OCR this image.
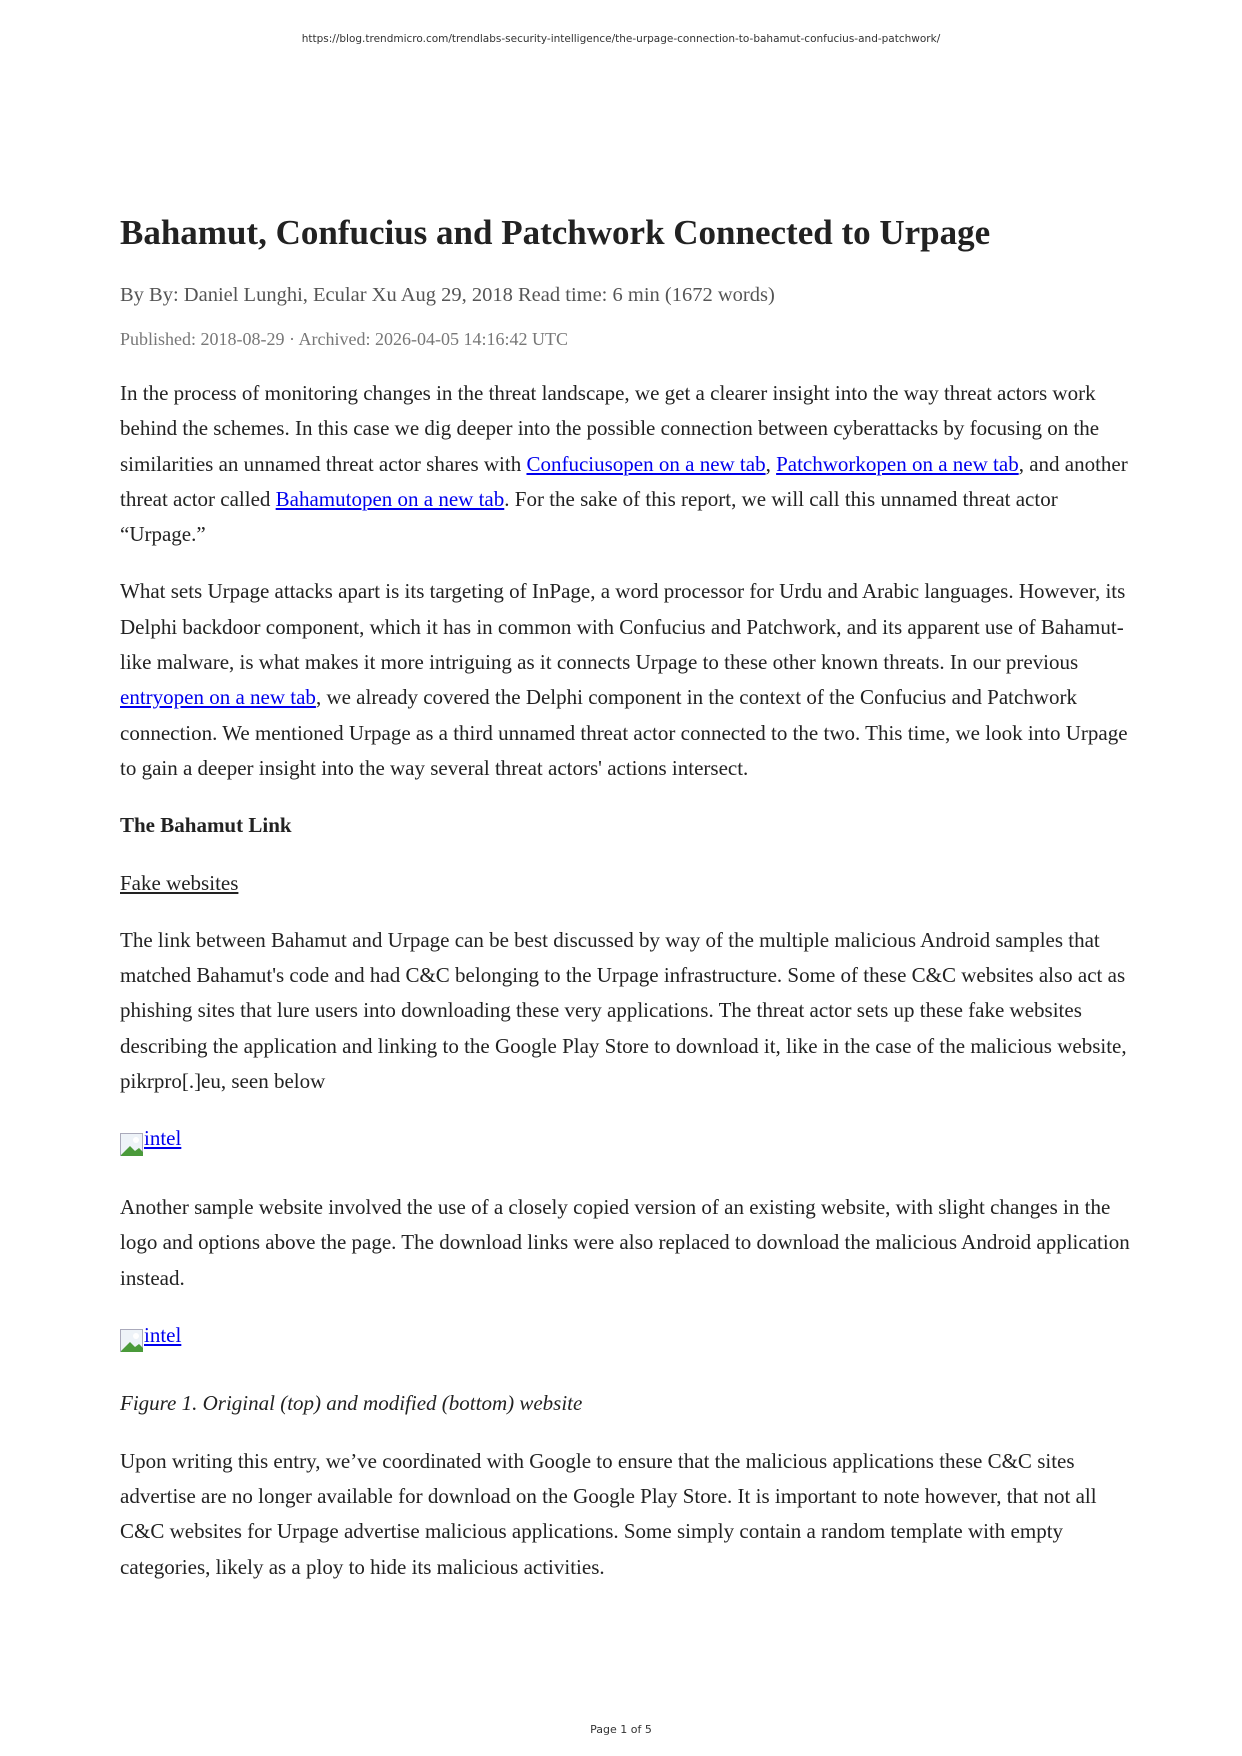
https://blog.trendmicro.com/trendlabs-security-intelligence/the-urpage-connection-to-bahamut-confucius-and-patchwork/
Bahamut, Confucius and Patchwork Connected to Urpage
By By: Daniel Lunghi, Ecular Xu Aug 29, 2018 Read time: 6 min (1672 words)
Published: 2018-08-29 · Archived: 2026-04-05 14:16:42 UTC

In the process of monitoring changes in the threat landscape, we get a clearer insight into the way threat actors work behind the schemes. In this case we dig deeper into the possible connection between cyberattacks by focusing on the similarities an unnamed threat actor shares with Confuciusopen on a new tab, Patchworkopen on a new tab, and another threat actor called Bahamutopen on a new tab. For the sake of this report, we will call this unnamed threat actor “Urpage.”

What sets Urpage attacks apart is its targeting of InPage, a word processor for Urdu and Arabic languages. However, its Delphi backdoor component, which it has in common with Confucius and Patchwork, and its apparent use of Bahamut-like malware, is what makes it more intriguing as it connects Urpage to these other known threats. In our previous entryopen on a new tab, we already covered the Delphi component in the context of the Confucius and Patchwork connection. We mentioned Urpage as a third unnamed threat actor connected to the two. This time, we look into Urpage to gain a deeper insight into the way several threat actors' actions intersect.

The Bahamut Link

Fake websites

The link between Bahamut and Urpage can be best discussed by way of the multiple malicious Android samples that matched Bahamut's code and had C&C belonging to the Urpage infrastructure. Some of these C&C websites also act as phishing sites that lure users into downloading these very applications. The threat actor sets up these fake websites describing the application and linking to the Google Play Store to download it, like in the case of the malicious website, pikrpro[.]eu, seen below

intel

Another sample website involved the use of a closely copied version of an existing website, with slight changes in the logo and options above the page. The download links were also replaced to download the malicious Android application instead.

intel

Figure 1. Original (top) and modified (bottom) website

Upon writing this entry, we’ve coordinated with Google to ensure that the malicious applications these C&C sites advertise are no longer available for download on the Google Play Store. It is important to note however, that not all C&C websites for Urpage advertise malicious applications. Some simply contain a random template with empty categories, likely as a ploy to hide its malicious activities.

Page 1 of 5
